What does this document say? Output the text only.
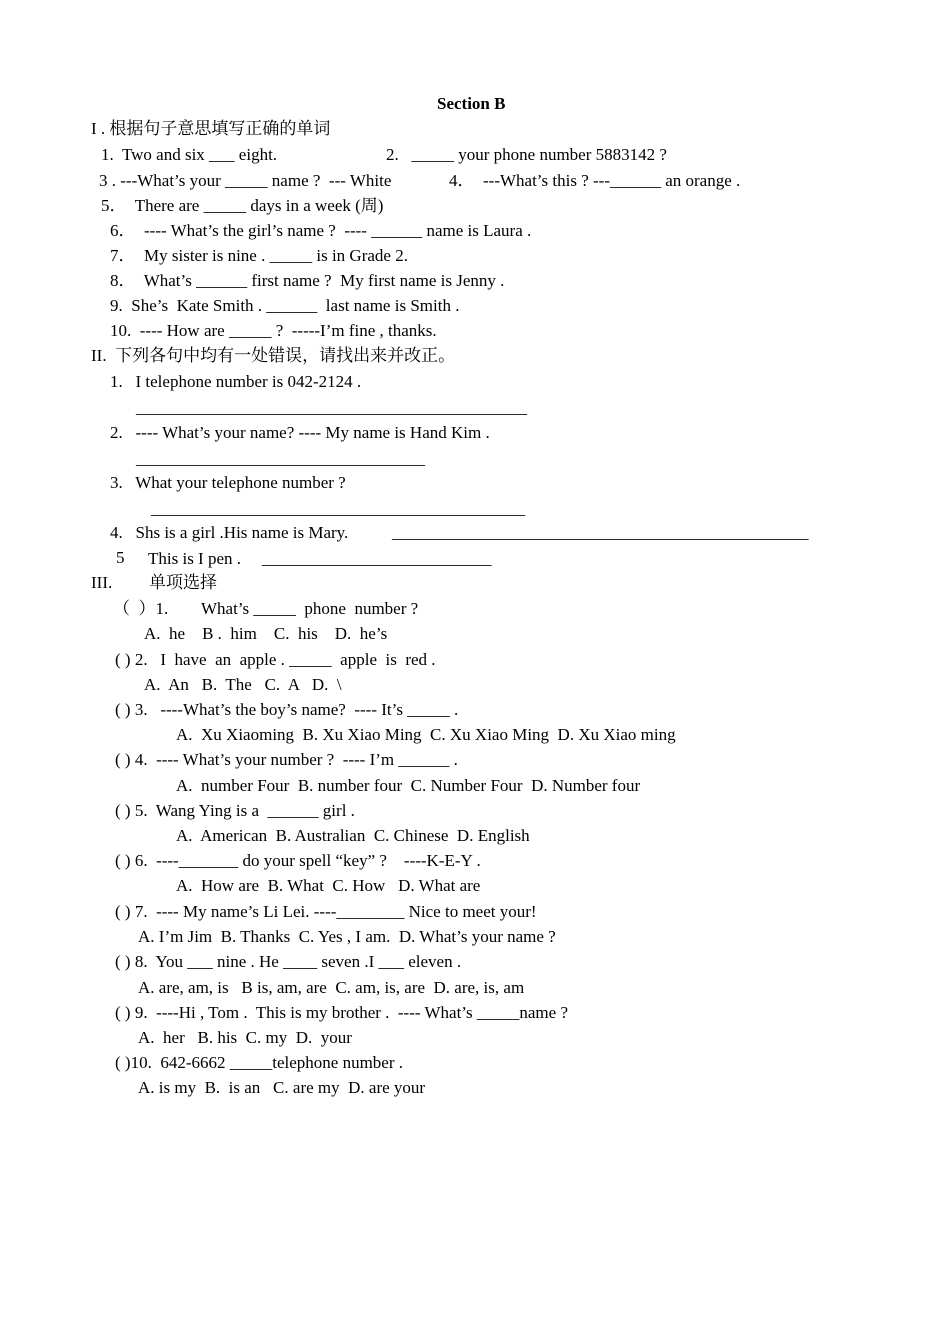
Section B
I . 根据句子意思填写正确的单词
1.  Two and six ___ eight.	2.   _____ your phone number 5883142 ?
3 . ---What’s your _____ name ?  --- White	4．  ---What’s this ? ---______ an orange .
5．  There are _____ days in a week (周)
6．  ---- What’s the girl’s name ?  ---- ______ name is Laura .
7．  My sister is nine . _____ is in Grade 2.
8．  What’s ______ first name ?  My first name is Jenny .
9.  She’s  Kate Smith . ______  last name is Smith .
10.  ---- How are _____ ?  -----I’m fine , thanks.
II.  下列各句中均有一处错误，请找出来并改正。
1.   I telephone number is 042-2124 .
______________________________________________
2.   ---- What’s your name? ---- My name is Hand Kim .
__________________________________
3.   What your telephone number ?
____________________________________________
4.   Shs is a girl .His name is Mary.	_________________________________________________
5 This is I pen . ___________________________
III. 单项选择
（  ）1. What’s _____  phone  number ?
A.  he    B .  him    C.  his    D.  he’s
( ) 2.   I  have  an  apple . _____  apple  is  red .
A.  An   B.  The   C.  A   D.  \
( ) 3.   ----What’s the boy’s name?  ---- It’s _____ .
A.  Xu Xiaoming  B. Xu Xiao Ming  C. Xu Xiao Ming  D. Xu Xiao ming
( ) 4.  ---- What’s your number ?  ---- I’m ______ .
A.  number Four  B. number four  C. Number Four  D. Number four
( ) 5.  Wang Ying is a  ______ girl .
A.  American  B. Australian  C. Chinese  D. English
( ) 6.  ----_______ do your spell “key” ?    ----K-E-Y .
A.  How are  B. What  C. How   D. What are
( ) 7.  ---- My name’s Li Lei. ----________ Nice to meet your!
A. I’m Jim  B. Thanks  C. Yes , I am.  D. What’s your name ?
( ) 8.  You ___ nine . He ____ seven .I ___ eleven .
A. are, am, is   B is, am, are  C. am, is, are  D. are, is, am
( ) 9.  ----Hi , Tom .  This is my brother .  ---- What’s _____name ?
A.  her   B. his  C. my  D.  your
( )10.  642-6662 _____telephone number .
A. is my  B.  is an   C. are my  D. are your
